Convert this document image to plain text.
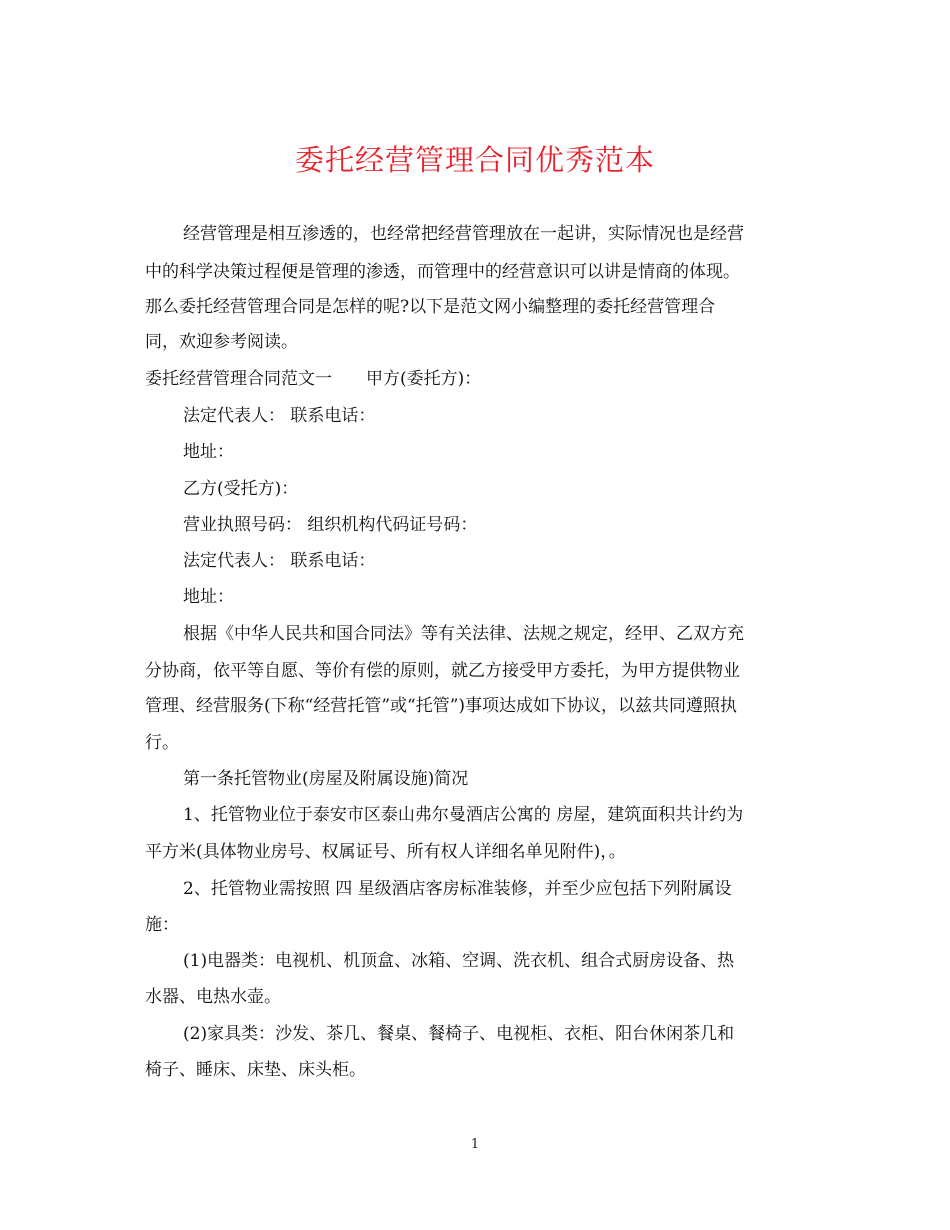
委托经营管理合同优秀范本
经营管理是相互渗透的，也经常把经营管理放在一起讲，实际情况也是经营
中的科学决策过程便是管理的渗透，而管理中的经营意识可以讲是情商的体现。
那么委托经营管理合同是怎样的呢?以下是范文网小编整理的委托经营管理合
同，欢迎参考阅读。
委托经营管理合同范文一　　甲方(委托方)：
法定代表人： 联系电话：
地址：
乙方(受托方)：
营业执照号码： 组织机构代码证号码：
法定代表人： 联系电话：
地址：
根据《中华人民共和国合同法》等有关法律、法规之规定，经甲、乙双方充
分协商，依平等自愿、等价有偿的原则，就乙方接受甲方委托，为甲方提供物业
管理、经营服务(下称“经营托管”或“托管”)事项达成如下协议，以兹共同遵照执
行。
第一条托管物业(房屋及附属设施)简况
1、托管物业位于泰安市区泰山弗尔曼酒店公寓的 房屋，建筑面积共计约为
平方米(具体物业房号、权属证号、所有权人详细名单见附件)，。
2、托管物业需按照 四 星级酒店客房标准装修，并至少应包括下列附属设
施：
(1)电器类：电视机、机顶盒、冰箱、空调、洗衣机、组合式厨房设备、热
水器、电热水壶。
(2)家具类：沙发、茶几、餐桌、餐椅子、电视柜、衣柜、阳台休闲茶几和
椅子、睡床、床垫、床头柜。
1
